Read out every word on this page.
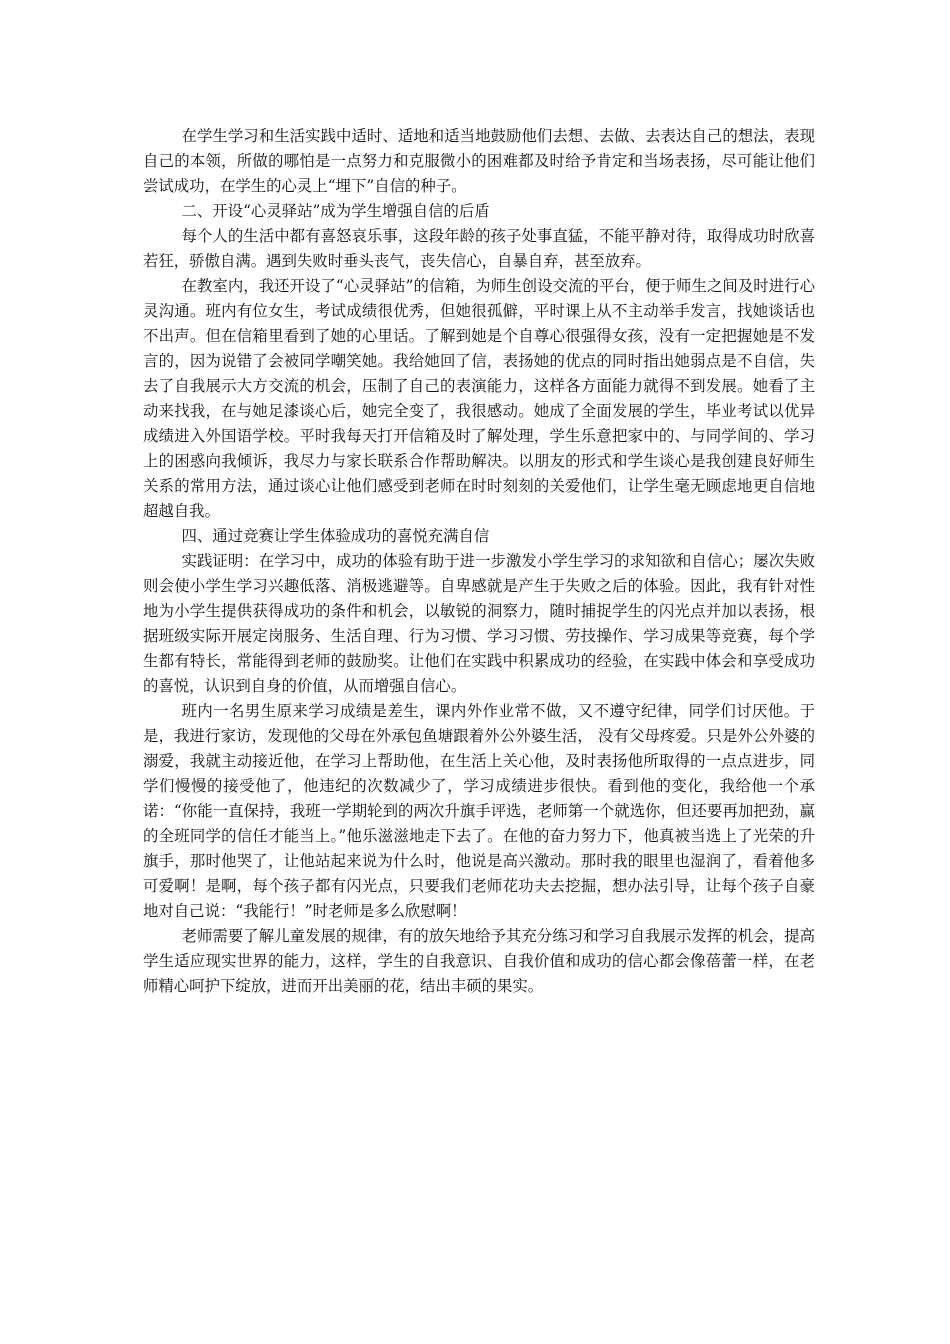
在学生学习和生活实践中适时、适地和适当地鼓励他们去想、去做、去表达自己的想法，表现自己的本领，所做的哪怕是一点努力和克服微小的困难都及时给予肯定和当场表扬，尽可能让他们尝试成功，在学生的心灵上“埋下”自信的种子。

二、开设“心灵驿站”成为学生增强自信的后盾

每个人的生活中都有喜怒哀乐事，这段年龄的孩子处事直猛，不能平静对待，取得成功时欣喜若狂，骄傲自满。遇到失败时垂头丧气，丧失信心，自暴自弃，甚至放弃。

在教室内，我还开设了“心灵驿站”的信箱，为师生创设交流的平台，便于师生之间及时进行心灵沟通。班内有位女生，考试成绩很优秀，但她很孤僻，平时课上从不主动举手发言，找她谈话也不出声。但在信箱里看到了她的心里话。了解到她是个自尊心很强得女孩，没有一定把握她是不发言的，因为说错了会被同学嘲笑她。我给她回了信，表扬她的优点的同时指出她弱点是不自信，失去了自我展示大方交流的机会，压制了自己的表演能力，这样各方面能力就得不到发展。她看了主动来找我，在与她足漆谈心后，她完全变了，我很感动。她成了全面发展的学生，毕业考试以优异成绩进入外国语学校。平时我每天打开信箱及时了解处理，学生乐意把家中的、与同学间的、学习上的困惑向我倾诉，我尽力与家长联系合作帮助解决。以朋友的形式和学生谈心是我创建良好师生关系的常用方法，通过谈心让他们感受到老师在时时刻刻的关爱他们，让学生毫无顾虑地更自信地超越自我。

四、通过竞赛让学生体验成功的喜悦充满自信

实践证明：在学习中，成功的体验有助于进一步激发小学生学习的求知欲和自信心；屡次失败则会使小学生学习兴趣低落、消极逃避等。自卑感就是产生于失败之后的体验。因此，我有针对性地为小学生提供获得成功的条件和机会，以敏锐的洞察力，随时捕捉学生的闪光点并加以表扬，根据班级实际开展定岗服务、生活自理、行为习惯、学习习惯、劳技操作、学习成果等竞赛，每个学生都有特长，常能得到老师的鼓励奖。让他们在实践中积累成功的经验，在实践中体会和享受成功的喜悦，认识到自身的价值，从而增强自信心。

班内一名男生原来学习成绩是差生，课内外作业常不做，又不遵守纪律，同学们讨厌他。于是，我进行家访，发现他的父母在外承包鱼塘跟着外公外婆生活， 没有父母疼爱。只是外公外婆的溺爱，我就主动接近他，在学习上帮助他，在生活上关心他，及时表扬他所取得的一点点进步，同学们慢慢的接受他了，他违纪的次数减少了，学习成绩进步很快。看到他的变化，我给他一个承诺：“你能一直保持，我班一学期轮到的两次升旗手评选，老师第一个就选你，但还要再加把劲，赢的全班同学的信任才能当上。”他乐滋滋地走下去了。在他的奋力努力下，他真被当选上了光荣的升旗手，那时他哭了，让他站起来说为什么时，他说是高兴激动。那时我的眼里也湿润了，看着他多可爱啊！是啊，每个孩子都有闪光点，只要我们老师花功夫去挖掘，想办法引导，让每个孩子自豪地对自己说：“我能行！”时老师是多么欣慰啊！

老师需要了解儿童发展的规律，有的放矢地给予其充分练习和学习自我展示发挥的机会，提高学生适应现实世界的能力，这样，学生的自我意识、自我价值和成功的信心都会像蓓蕾一样，在老师精心呵护下绽放，进而开出美丽的花，结出丰硕的果实。
